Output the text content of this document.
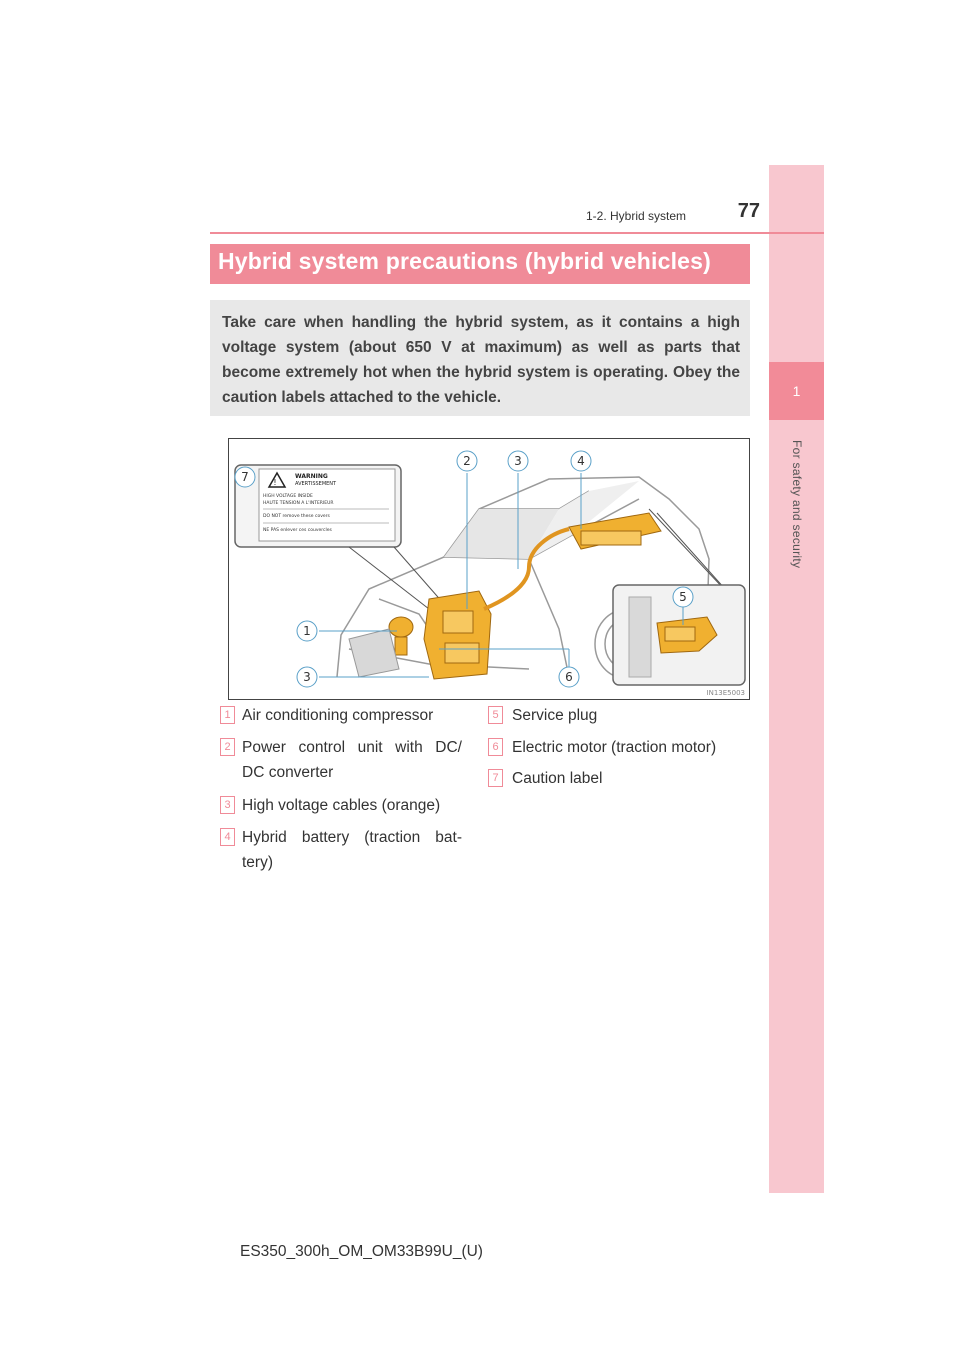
1
For safety and security
1-2. Hybrid system	77
Hybrid system precautions (hybrid vehicles)
Take care when handling the hybrid system, as it contains a high voltage system (about 650 V at maximum) as well as parts that become extremely hot when the hybrid system is operating. Obey the caution labels attached to the vehicle.
!
WARNING
AVERTISSEMENT
HIGH VOLTAGE INSIDE
HAUTE TENSION A L'INTERIEUR
DO NOT remove these covers
NE PAS enlever ces couvercles
2	3	4
7
1
3	6
5
IN13E5003
1 Air conditioning compressor
2 Power control unit with DC/
DC converter
3 High voltage cables (orange)
4 Hybrid battery (traction bat-
tery)
5 Service plug
6 Electric motor (traction motor)
7 Caution label
ES350_300h_OM_OM33B99U_(U)
